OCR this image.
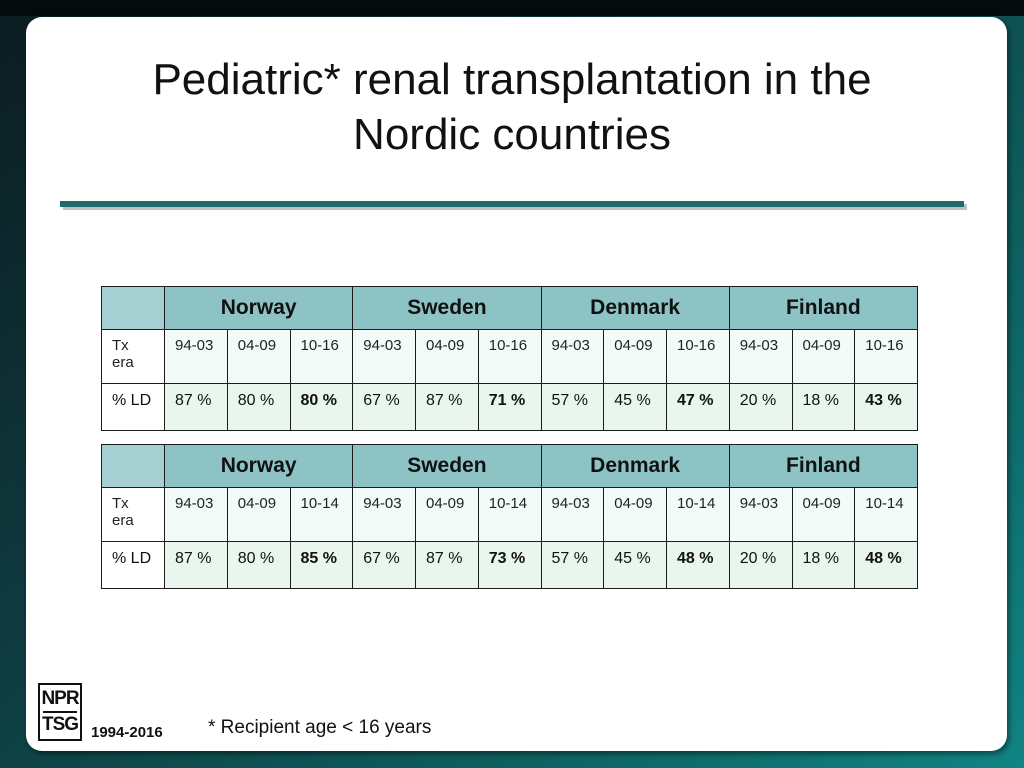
Pediatric* renal transplantation in the
Nordic countries
	Norway			Sweden			Denmark			Finland		
Tx
era	94-03	04-09	10-16	94-03	04-09	10-16	94-03	04-09	10-16	94-03	04-09	10-16
% LD	87 %	80 %	80 %	67 %	87 %	71 %	57 %	45 %	47 %	20 %	18 %	43 %
	Norway			Sweden			Denmark			Finland		
Tx
era	94-03	04-09	10-14	94-03	04-09	10-14	94-03	04-09	10-14	94-03	04-09	10-14
% LD	87 %	80 %	85 %	67 %	87 %	73 %	57 %	45 %	48 %	20 %	18 %	48 %
NPR
TSG 1994-2016 * Recipient age < 16 years
